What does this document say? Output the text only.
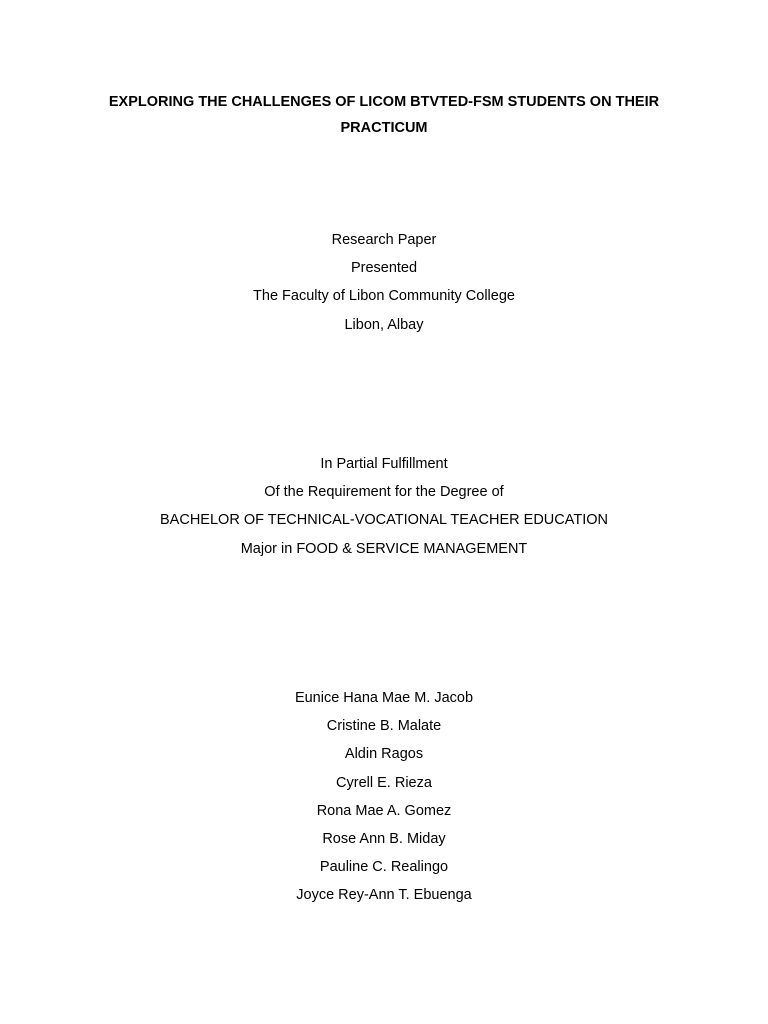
EXPLORING THE CHALLENGES OF LICOM BTVTED-FSM STUDENTS ON THEIR PRACTICUM
Research Paper
Presented
The Faculty of Libon Community College
Libon, Albay
In Partial Fulfillment
Of the Requirement for the Degree of
BACHELOR OF TECHNICAL-VOCATIONAL TEACHER EDUCATION
Major in FOOD & SERVICE MANAGEMENT
Eunice Hana Mae M. Jacob
Cristine B. Malate
Aldin Ragos
Cyrell E. Rieza
Rona Mae A. Gomez
Rose Ann B. Miday
Pauline C. Realingo
Joyce Rey-Ann T. Ebuenga
